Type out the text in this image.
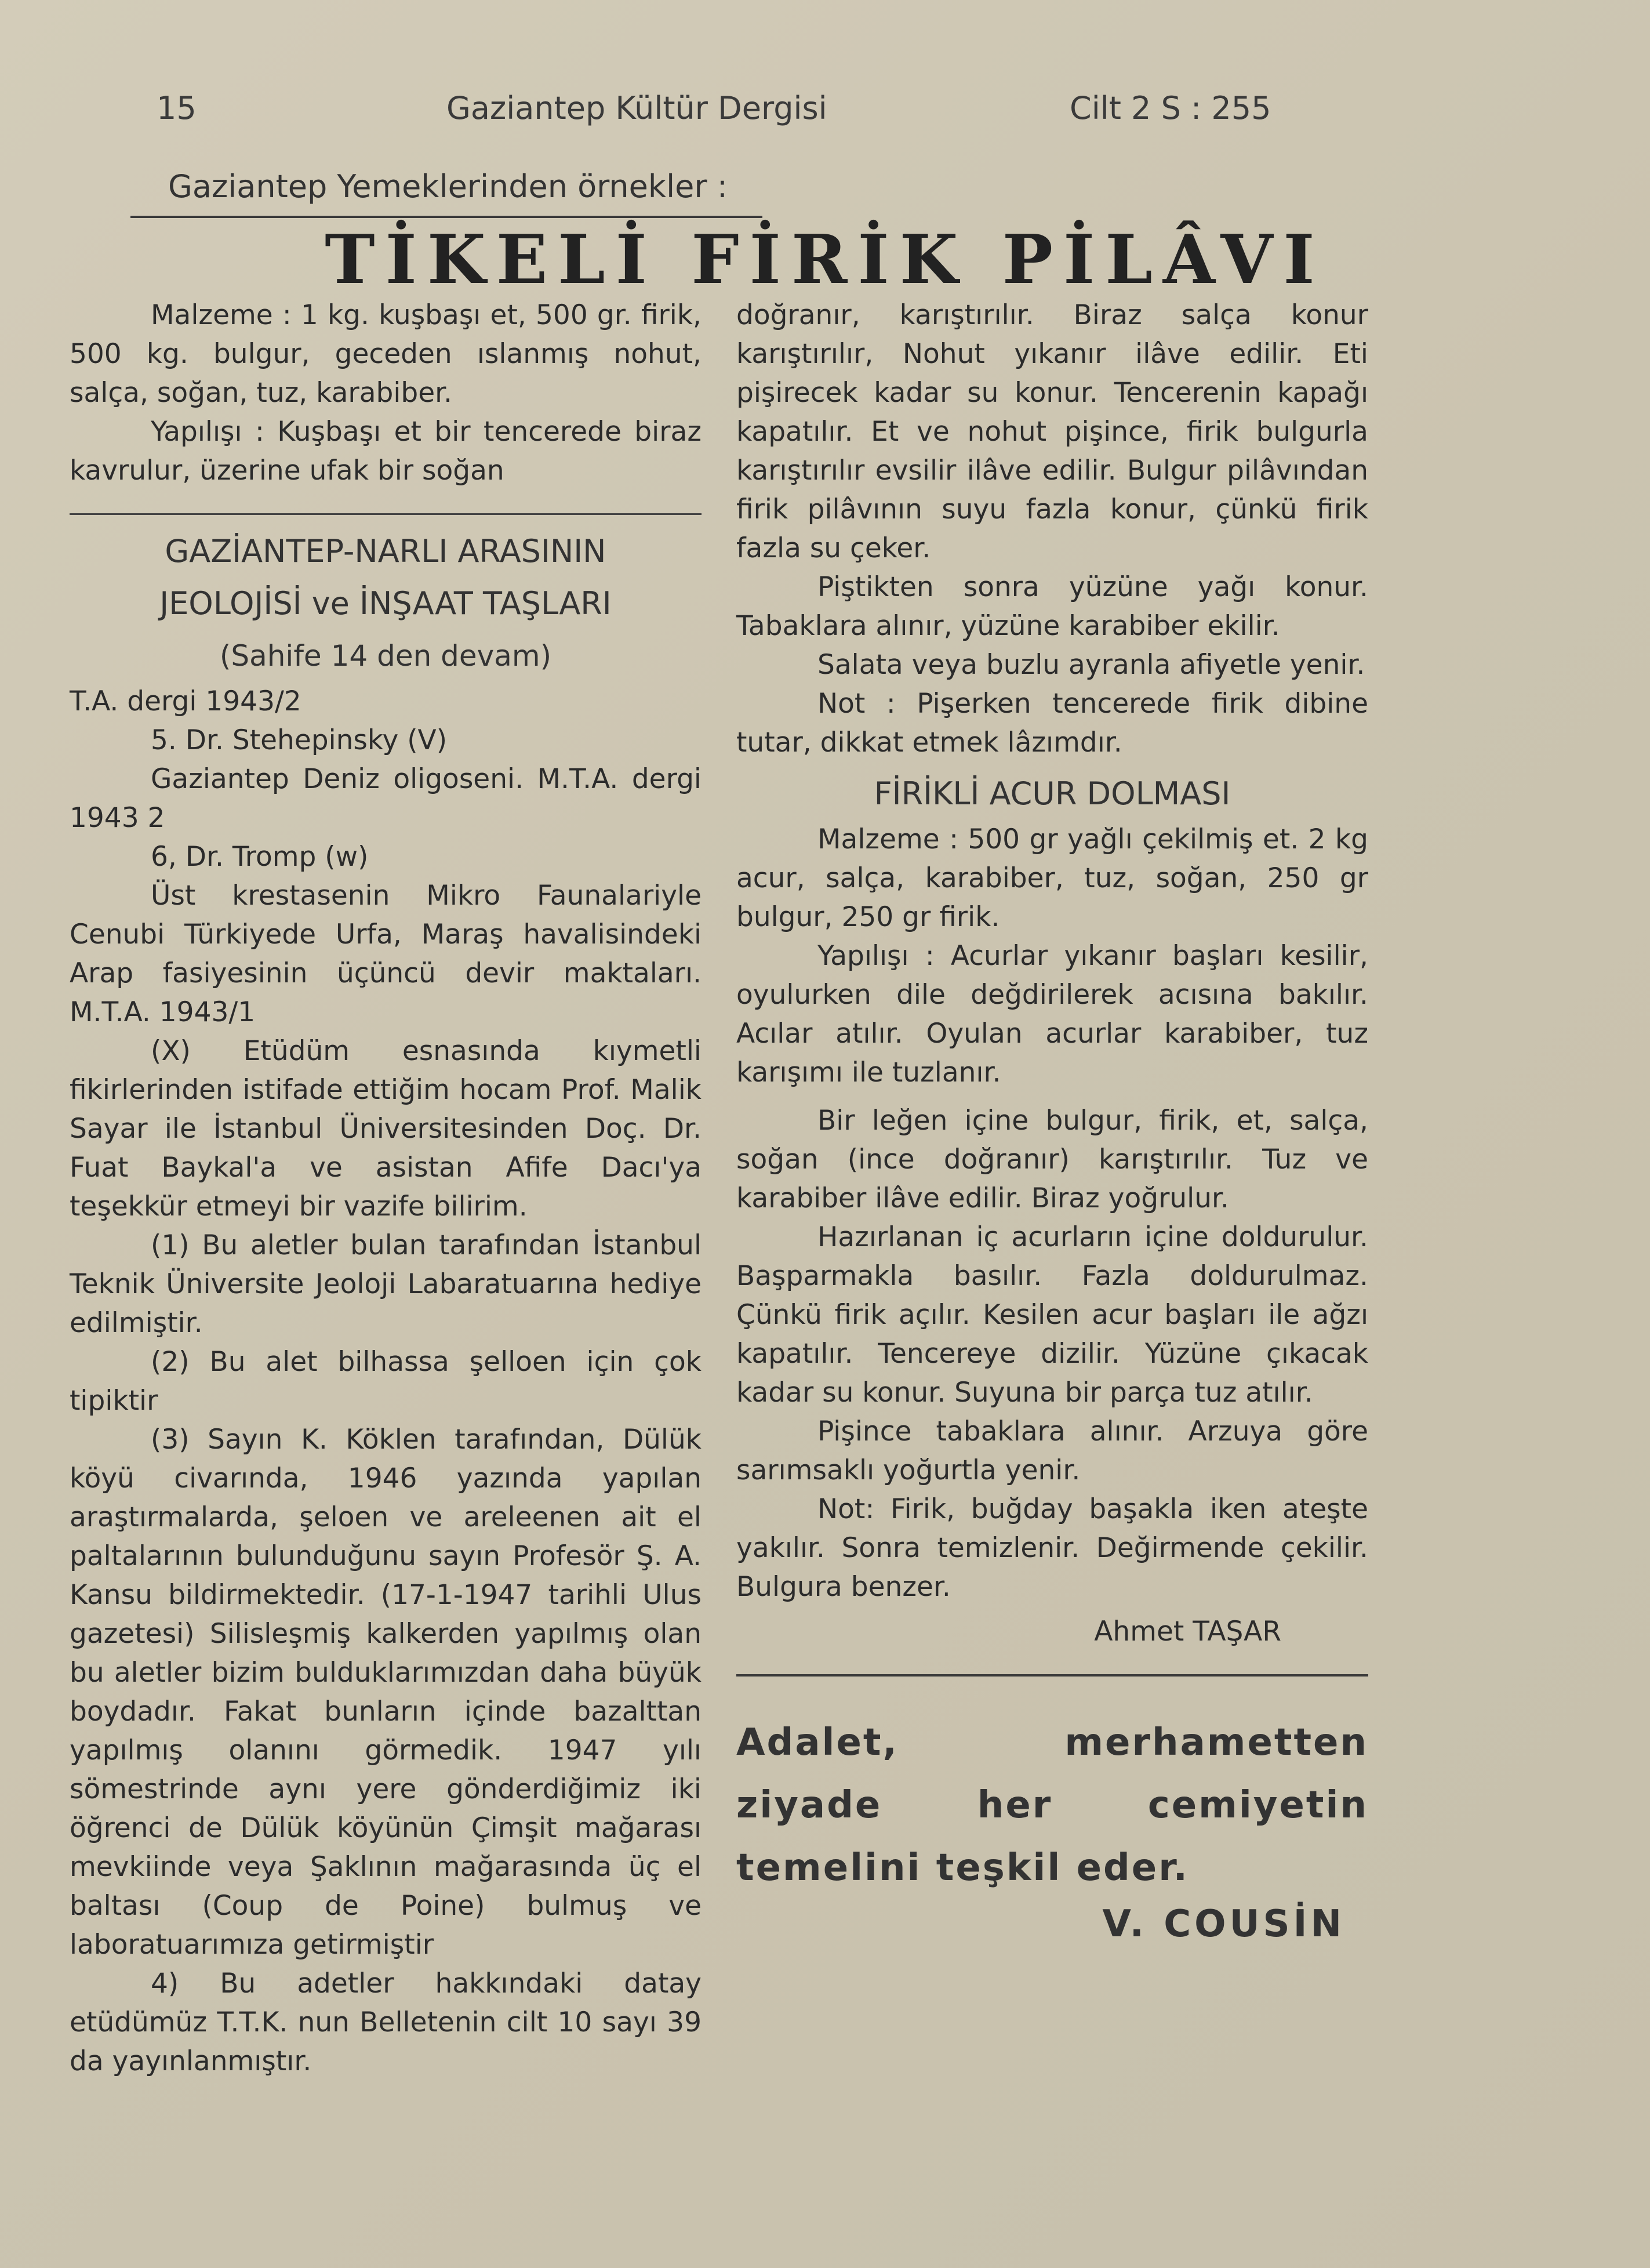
15	Gaziantep Kültür Dergisi	Cilt 2 S : 255
Gaziantep Yemeklerinden örnekler :
TİKELİ FİRİK PİLÂVI

Malzeme : 1 kg. kuşbaşı et, 500 gr. firik, 500 kg. bulgur, geceden ıslanmış nohut, salça, soğan, tuz, karabiber.

Yapılışı : Kuşbaşı et bir tencerede biraz kavrulur, üzerine ufak bir soğan

GAZİANTEP-NARLI ARASININ

JEOLOJİSİ ve İNŞAAT TAŞLARI

(Sahife 14 den devam)

T.A. dergi 1943/2

5. Dr. Stehepinsky (V)

Gaziantep Deniz oligoseni. M.T.A. dergi 1943 2

6, Dr. Tromp (w)

Üst krestasenin Mikro Faunalariyle Cenubi Türkiyede Urfa, Maraş havalisindeki Arap fasiyesinin üçüncü devir maktaları. M.T.A. 1943/1

(X) Etüdüm esnasında kıymetli fikirlerinden istifade ettiğim hocam Prof. Malik Sayar ile İstanbul Üniversitesinden Doç. Dr. Fuat Baykal'a ve asistan Afife Dacı'ya teşekkür etmeyi bir vazife bilirim.

(1) Bu aletler bulan tarafından İstanbul Teknik Üniversite Jeoloji Labaratuarına hediye edilmiştir.

(2) Bu alet bilhassa şelloen için çok tipiktir

(3) Sayın K. Köklen tarafından, Dülük köyü civarında, 1946 yazında yapılan araştırmalarda, şeloen ve areleenen ait el paltalarının bulunduğunu sayın Profesör Ş. A. Kansu bildirmektedir. (17-1-1947 tarihli Ulus gazetesi) Silisleşmiş kalkerden yapılmış olan bu aletler bizim bulduklarımızdan daha büyük boydadır. Fakat bunların içinde bazalttan yapılmış olanını görmedik. 1947 yılı sömestrinde aynı yere gönderdiğimiz iki öğrenci de Dülük köyünün Çimşit mağarası mevkiinde veya Şaklının mağarasında üç el baltası (Coup de Poine) bulmuş ve laboratuarımıza getirmiştir

4) Bu adetler hakkındaki datay etüdümüz T.T.K. nun Belletenin cilt 10 sayı 39 da yayınlanmıştır.

doğranır, karıştırılır. Biraz salça konur karıştırılır, Nohut yıkanır ilâve edilir. Eti pişirecek kadar su konur. Tencerenin kapağı kapatılır. Et ve nohut pişince, firik bulgurla karıştırılır evsilir ilâve edilir. Bulgur pilâvından firik pilâvının suyu fazla konur, çünkü firik fazla su çeker.

Piştikten sonra yüzüne yağı konur. Tabaklara alınır, yüzüne karabiber ekilir.

Salata veya buzlu ayranla afiyetle yenir.

Not : Pişerken tencerede firik dibine tutar, dikkat etmek lâzımdır.

FİRİKLİ ACUR DOLMASI

Malzeme : 500 gr yağlı çekilmiş et. 2 kg acur, salça, karabiber, tuz, soğan, 250 gr bulgur, 250 gr firik.

Yapılışı : Acurlar yıkanır başları kesilir, oyulurken dile değdirilerek acısına bakılır. Acılar atılır. Oyulan acurlar karabiber, tuz karışımı ile tuzlanır.

Bir leğen içine bulgur, firik, et, salça, soğan (ince doğranır) karıştırılır. Tuz ve karabiber ilâve edilir. Biraz yoğrulur.

Hazırlanan iç acurların içine doldurulur. Başparmakla basılır. Fazla doldurulmaz. Çünkü firik açılır. Kesilen acur başları ile ağzı kapatılır. Tencereye dizilir. Yüzüne çıkacak kadar su konur. Suyuna bir parça tuz atılır.

Pişince tabaklara alınır. Arzuya göre sarımsaklı yoğurtla yenir.

Not: Firik, buğday başakla iken ateşte yakılır. Sonra temizlenir. Değirmende çekilir. Bulgura benzer.

Ahmet TAŞAR

Adalet, merhametten ziyade her cemiyetin temelini teşkil eder.

V. COUSİN
